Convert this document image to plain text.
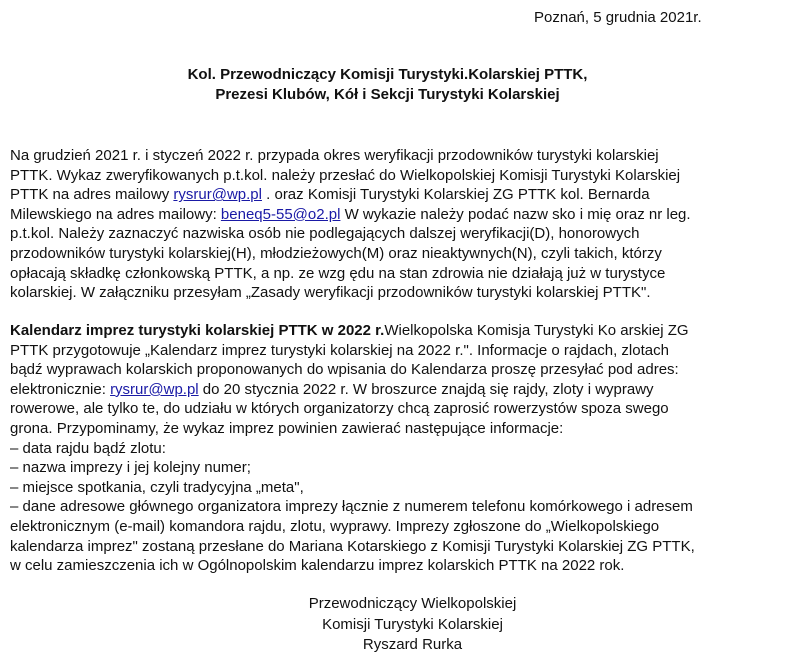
Poznań, 5 grudnia 2021r.
Kol. Przewodniczący Komisji Turystyki.Kolarskiej PTTK,
Prezesi Klubów, Kół i Sekcji Turystyki Kolarskiej
Na grudzień 2021 r. i styczeń 2022 r. przypada okres weryfikacji przodowników turystyki kolarskiej
PTTK. Wykaz zweryfikowanych p.t.kol. należy przesłać do Wielkopolskiej Komisji Turystyki Kolarskiej
PTTK na adres mailowy rysrur@wp.pl . oraz Komisji Turystyki Kolarskiej ZG PTTK kol. Bernarda
Milewskiego na adres mailowy: beneq5-55@o2.pl W wykazie należy podać nazw sko i mię oraz nr leg.
p.t.kol. Należy zaznaczyć nazwiska osób nie podlegających dalszej weryfikacji(D), honorowych
przodowników turystyki kolarskiej(H), młodzieżowych(M) oraz nieaktywnych(N), czyli takich, którzy
opłacają składkę członkowską PTTK, a np. ze wzg ędu na stan zdrowia nie działają już w turystyce
kolarskiej. W załączniku przesyłam „Zasady weryfikacji przodowników turystyki kolarskiej PTTK".
Kalendarz imprez turystyki kolarskiej PTTK w 2022 r.Wielkopolska Komisja Turystyki Ko arskiej ZG
PTTK przygotowuje „Kalendarz imprez turystyki kolarskiej na 2022 r.". Informacje o rajdach, zlotach
bądź wyprawach kolarskich proponowanych do wpisania do Kalendarza proszę przesyłać pod adres:
elektronicznie: rysrur@wp.pl do 20 stycznia 2022 r. W broszurce znajdą się rajdy, zloty i wyprawy
rowerowe, ale tylko te, do udziału w których organizatorzy chcą zaprosić rowerzystów spoza swego
grona. Przypominamy, że wykaz imprez powinien zawierać następujące informacje:
– data rajdu bądź zlotu:
– nazwa imprezy i jej kolejny numer;
– miejsce spotkania, czyli tradycyjna „meta",
– dane adresowe głównego organizatora imprezy łącznie z numerem telefonu komórkowego i adresem
elektronicznym (e-mail) komandora rajdu, zlotu, wyprawy. Imprezy zgłoszone do „Wielkopolskiego
kalendarza imprez" zostaną przesłane do Mariana Kotarskiego z Komisji Turystyki Kolarskiej ZG PTTK,
w celu zamieszczenia ich w Ogólnopolskim kalendarzu imprez kolarskich PTTK na 2022 rok.
Przewodniczący Wielkopolskiej
Komisji Turystyki Kolarskiej
Ryszard Rurka
